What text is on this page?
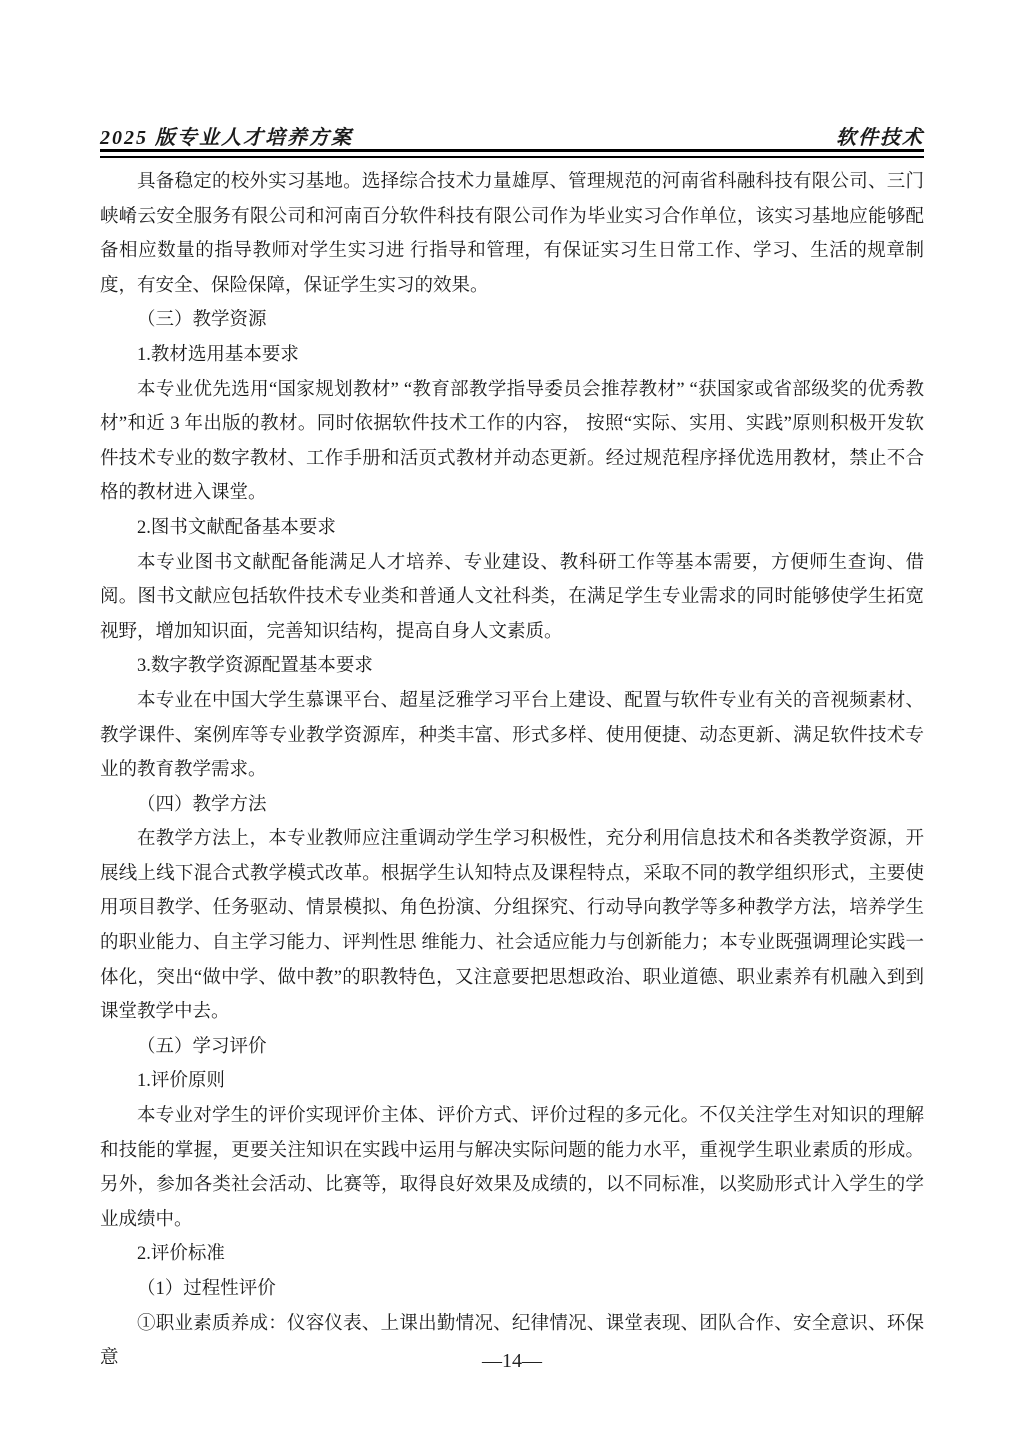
2025 版专业人才培养方案	软件技术

具备稳定的校外实习基地。选择综合技术力量雄厚、管理规范的河南省科融科技有限公司、三门峡崤云安全服务有限公司和河南百分软件科技有限公司作为毕业实习合作单位，该实习基地应能够配备相应数量的指导教师对学生实习进 行指导和管理，有保证实习生日常工作、学习、生活的规章制度，有安全、保险保障，保证学生实习的效果。

（三）教学资源

1.教材选用基本要求

本专业优先选用“国家规划教材” “教育部教学指导委员会推荐教材” “获国家或省部级奖的优秀教材”和近 3 年出版的教材。同时依据软件技术工作的内容， 按照“实际、实用、实践”原则积极开发软件技术专业的数字教材、工作手册和活页式教材并动态更新。经过规范程序择优选用教材，禁止不合格的教材进入课堂。

2.图书文献配备基本要求

本专业图书文献配备能满足人才培养、专业建设、教科研工作等基本需要，方便师生查询、借阅。图书文献应包括软件技术专业类和普通人文社科类，在满足学生专业需求的同时能够使学生拓宽视野，增加知识面，完善知识结构，提高自身人文素质。

3.数字教学资源配置基本要求

本专业在中国大学生慕课平台、超星泛雅学习平台上建设、配置与软件专业有关的音视频素材、教学课件、案例库等专业教学资源库，种类丰富、形式多样、使用便捷、动态更新、满足软件技术专业的教育教学需求。

（四）教学方法

在教学方法上，本专业教师应注重调动学生学习积极性，充分利用信息技术和各类教学资源，开展线上线下混合式教学模式改革。根据学生认知特点及课程特点，采取不同的教学组织形式，主要使用项目教学、任务驱动、情景模拟、角色扮演、分组探究、行动导向教学等多种教学方法，培养学生的职业能力、自主学习能力、评判性思 维能力、社会适应能力与创新能力；本专业既强调理论实践一体化，突出“做中学、做中教”的职教特色，又注意要把思想政治、职业道德、职业素养有机融入到到课堂教学中去。

（五）学习评价

1.评价原则

本专业对学生的评价实现评价主体、评价方式、评价过程的多元化。不仅关注学生对知识的理解和技能的掌握，更要关注知识在实践中运用与解决实际问题的能力水平，重视学生职业素质的形成。另外，参加各类社会活动、比赛等，取得良好效果及成绩的，以不同标准，以奖励形式计入学生的学业成绩中。

2.评价标准

（1）过程性评价

①职业素质养成：仪容仪表、上课出勤情况、纪律情况、课堂表现、团队合作、安全意识、环保意	—14—
